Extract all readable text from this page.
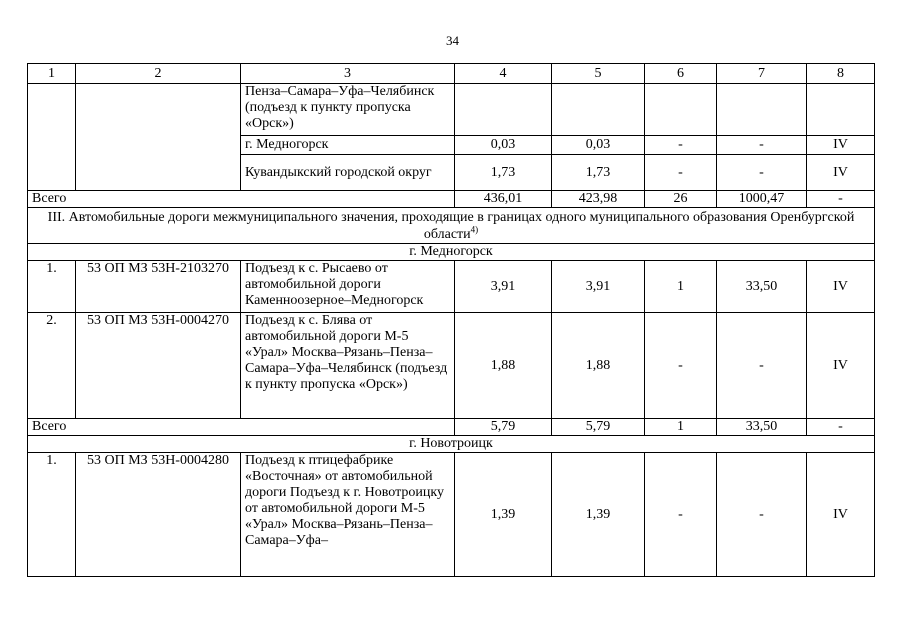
34
1	2	3	4	5	6	7	8
		Пенза–Самара–Уфа–Челябинск (подъезд к пункту пропуска «Орск»)					
		г. Медногорск	0,03	0,03	-	-	IV
		Кувандыкский городской округ	1,73	1,73	-	-	IV
Всего			436,01	423,98	26	1000,47	-
III. Автомобильные дороги межмуниципального значения, проходящие в границах одного муниципального образования Оренбургской области$^{4)}$
г. Медногорск							
1.	53 ОП МЗ 53Н-2103270	Подъезд к с. Рысаево от автомобильной дороги Каменноозерное–Медногорск	3,91	3,91	1	33,50	IV
2.	53 ОП МЗ 53Н-0004270	Подъезд к с. Блява от автомобильной дороги М-5 «Урал» Москва–Рязань–Пенза–Самара–Уфа–Челябинск (подъезд к пункту пропуска «Орск»)	1,88	1,88	-	-	IV
Всего			5,79	5,79	1	33,50	-
г. Новотроицк							
1.	53 ОП МЗ 53Н-0004280	Подъезд к птицефабрике «Восточная» от автомобильной дороги Подъезд к г. Новотроицку от автомобильной дороги М-5 «Урал» Москва–Рязань–Пенза–Самара–Уфа–	1,39	1,39	-	-	IV
